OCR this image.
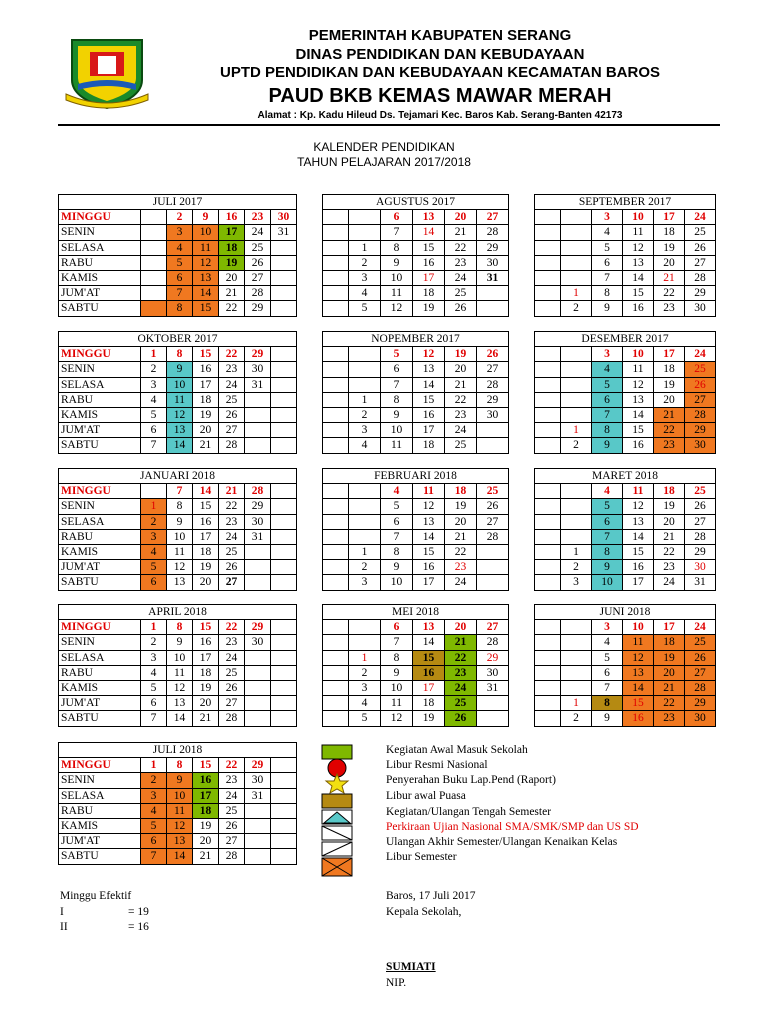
PEMERINTAH KABUPATEN SERANG
DINAS PENDIDIKAN DAN KEBUDAYAAN
UPTD PENDIDIKAN DAN KEBUDAYAAN KECAMATAN BAROS
PAUD BKB KEMAS MAWAR MERAH
Alamat : Kp. Kadu Hileud Ds. Tejamari Kec. Baros Kab. Serang-Banten 42173
KALENDER PENDIDIKAN
TAHUN PELAJARAN 2017/2018
JULI 2017						
MINGGU		2	9	16	23	30
SENIN		3	10	17	24	31
SELASA		4	11	18	25	
RABU		5	12	19	26	
KAMIS		6	13	20	27	
JUM'AT		7	14	21	28	
SABTU		8	15	22	29	
AGUSTUS 2017					
		6	13	20	27
		7	14	21	28
	1	8	15	22	29
	2	9	16	23	30
	3	10	17	24	31
	4	11	18	25	
	5	12	19	26	
SEPTEMBER 2017					
		3	10	17	24
		4	11	18	25
		5	12	19	26
		6	13	20	27
		7	14	21	28
	1	8	15	22	29
	2	9	16	23	30
OKTOBER 2017						
MINGGU	1	8	15	22	29	
SENIN	2	9	16	23	30	
SELASA	3	10	17	24	31	
RABU	4	11	18	25		
KAMIS	5	12	19	26		
JUM'AT	6	13	20	27		
SABTU	7	14	21	28		
NOPEMBER 2017					
		5	12	19	26
		6	13	20	27
		7	14	21	28
	1	8	15	22	29
	2	9	16	23	30
	3	10	17	24	
	4	11	18	25	
DESEMBER 2017					
		3	10	17	24
		4	11	18	25
		5	12	19	26
		6	13	20	27
		7	14	21	28
	1	8	15	22	29
	2	9	16	23	30
JANUARI 2018						
MINGGU		7	14	21	28	
SENIN	1	8	15	22	29	
SELASA	2	9	16	23	30	
RABU	3	10	17	24	31	
KAMIS	4	11	18	25		
JUM'AT	5	12	19	26		
SABTU	6	13	20	27		
FEBRUARI 2018					
		4	11	18	25
		5	12	19	26
		6	13	20	27
		7	14	21	28
	1	8	15	22	
	2	9	16	23	
	3	10	17	24	
MARET 2018					
		4	11	18	25
		5	12	19	26
		6	13	20	27
		7	14	21	28
	1	8	15	22	29
	2	9	16	23	30
	3	10	17	24	31
APRIL 2018						
MINGGU	1	8	15	22	29	
SENIN	2	9	16	23	30	
SELASA	3	10	17	24		
RABU	4	11	18	25		
KAMIS	5	12	19	26		
JUM'AT	6	13	20	27		
SABTU	7	14	21	28		
MEI 2018					
		6	13	20	27
		7	14	21	28
	1	8	15	22	29
	2	9	16	23	30
	3	10	17	24	31
	4	11	18	25	
	5	12	19	26	
JUNI 2018					
		3	10	17	24
		4	11	18	25
		5	12	19	26
		6	13	20	27
		7	14	21	28
	1	8	15	22	29
	2	9	16	23	30
JULI 2018						
MINGGU	1	8	15	22	29	
SENIN	2	9	16	23	30	
SELASA	3	10	17	24	31	
RABU	4	11	18	25		
KAMIS	5	12	19	26		
JUM'AT	6	13	20	27		
SABTU	7	14	21	28		
Kegiatan Awal Masuk Sekolah
Libur Resmi Nasional
Penyerahan Buku Lap.Pend (Raport)
Libur awal Puasa
Kegiatan/Ulangan Tengah Semester
Perkiraan Ujian Nasional SMA/SMK/SMP dan US SD
Ulangan Akhir Semester/Ulangan Kenaikan Kelas
Libur Semester
Minggu Efektif
I	= 19
II	= 16
Baros, 17 Juli 2017
Kepala Sekolah,
SUMIATI
NIP.
